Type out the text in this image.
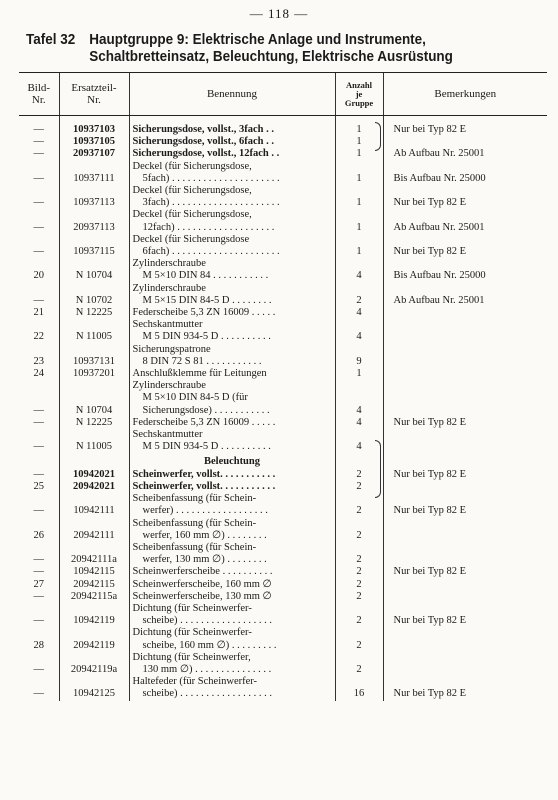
— 118 —
Tafel 32 Hauptgruppe 9: Elektrische Anlage und Instrumente,
Schaltbretteinsatz, Beleuchtung, Elektrische Ausrüstung
Bild-
Nr.	Ersatzteil-
Nr.	Benennung	Anzahl
je
Gruppe	Bemerkungen

—	10937103	Sicherungsdose, vollst., 3fach . .	1	Nur bei Typ 82 E
—	10937105	Sicherungsdose, vollst., 6fach . .	1	
—	20937107	Sicherungsdose, vollst., 12fach . .	1	Ab Aufbau Nr. 25001
—	10937111	Deckel (für Sicherungsdose,
5fach) . . . . . . . . . . . . . . . . . . . . .	1	Bis Aufbau Nr. 25000
—	10937113	Deckel (für Sicherungsdose,
3fach) . . . . . . . . . . . . . . . . . . . . .	1	Nur bei Typ 82 E
—	20937113	Deckel (für Sicherungsdose,
12fach) . . . . . . . . . . . . . . . . . . .	1	Ab Aufbau Nr. 25001
—	10937115	Deckel (für Sicherungsdose
6fach) . . . . . . . . . . . . . . . . . . . . .	1	Nur bei Typ 82 E
20	N 10704	Zylinderschraube
M 5×10 DIN 84 . . . . . . . . . . .	4	Bis Aufbau Nr. 25000
—	N 10702	Zylinderschraube
M 5×15 DIN 84-5 D . . . . . . . .	2	Ab Aufbau Nr. 25001
21	N 12225	Federscheibe 5,3 ZN 16009 . . . . .	4	
22	N 11005	Sechskantmutter
M 5 DIN 934-5 D . . . . . . . . . .	4	
23	10937131	Sicherungspatrone
8 DIN 72 S 81 . . . . . . . . . . .	9	
24	10937201	Anschlußklemme für Leitungen	1	
—	N 10704	Zylinderschraube
M 5×10 DIN 84-5 D (für
Sicherungsdose) . . . . . . . . . . .	4	
—	N 12225	Federscheibe 5,3 ZN 16009 . . . . .	4	Nur bei Typ 82 E
—	N 11005	Sechskantmutter
M 5 DIN 934-5 D . . . . . . . . . .	4	
		Beleuchtung		
—	10942021	Scheinwerfer, vollst. . . . . . . . . . .	2	Nur bei Typ 82 E
25	20942021	Scheinwerfer, vollst. . . . . . . . . . .	2	
—	10942111	Scheibenfassung (für Schein-
werfer) . . . . . . . . . . . . . . . . . .	2	Nur bei Typ 82 E
26	20942111	Scheibenfassung (für Schein-
werfer, 160 mm ∅) . . . . . . . .	2	
—	20942111a	Scheibenfassung (für Schein-
werfer, 130 mm ∅) . . . . . . . .	2	
—	10942115	Scheinwerferscheibe . . . . . . . . . .	2	Nur bei Typ 82 E
27	20942115	Scheinwerferscheibe, 160 mm ∅	2	
—	20942115a	Scheinwerferscheibe, 130 mm ∅	2	
—	10942119	Dichtung (für Scheinwerfer-
scheibe) . . . . . . . . . . . . . . . . . .	2	Nur bei Typ 82 E
28	20942119	Dichtung (für Scheinwerfer-
scheibe, 160 mm ∅) . . . . . . . . .	2	
—	20942119a	Dichtung (für Scheinwerfer,
130 mm ∅) . . . . . . . . . . . . . . .	2	
—	10942125	Haltefeder (für Scheinwerfer-
scheibe) . . . . . . . . . . . . . . . . . .	16	Nur bei Typ 82 E
